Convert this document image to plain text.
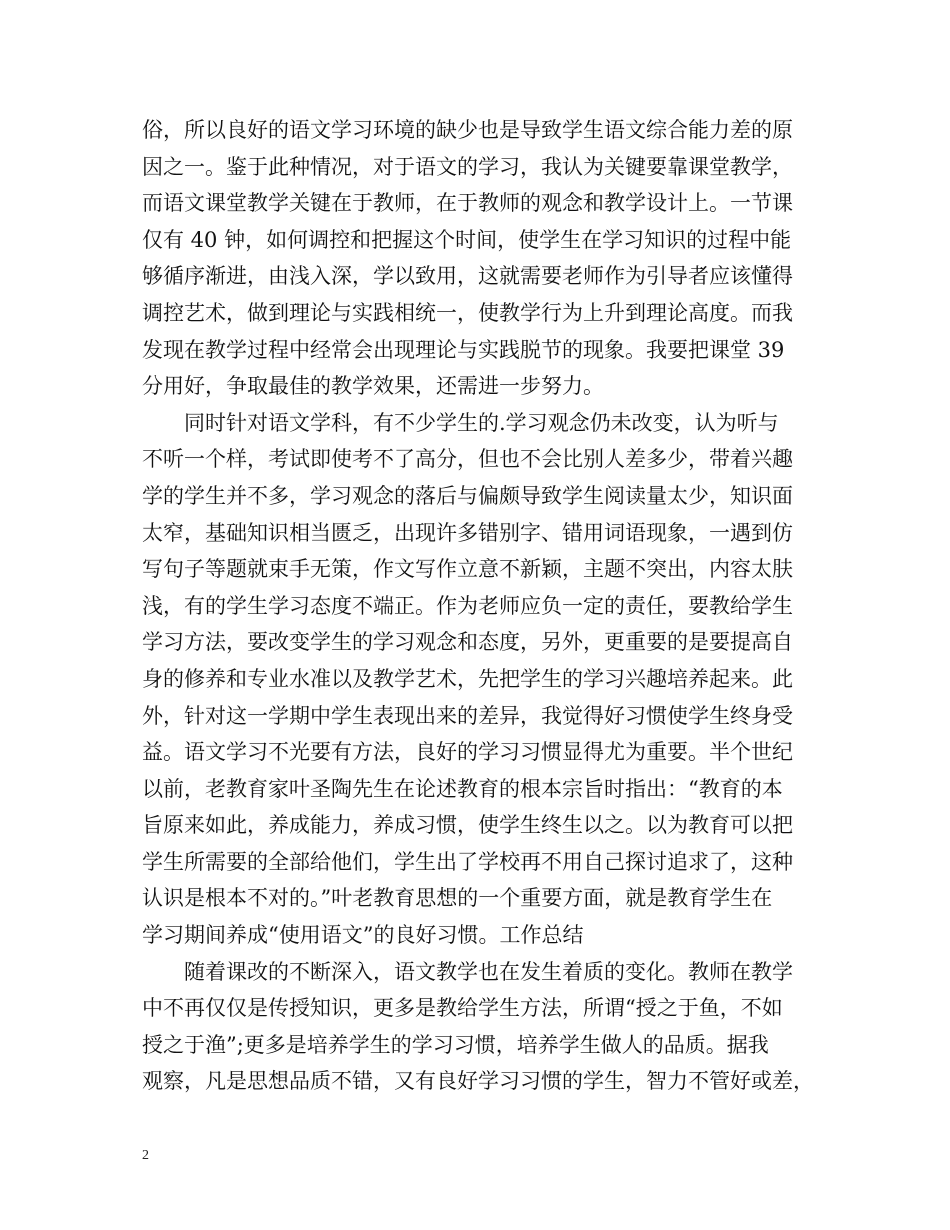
俗，所以良好的语文学习环境的缺少也是导致学生语文综合能力差的原
因之一。鉴于此种情况，对于语文的学习，我认为关键要靠课堂教学，
而语文课堂教学关键在于教师，在于教师的观念和教学设计上。一节课
仅有 40 钟，如何调控和把握这个时间，使学生在学习知识的过程中能
够循序渐进，由浅入深，学以致用，这就需要老师作为引导者应该懂得
调控艺术，做到理论与实践相统一，使教学行为上升到理论高度。而我
发现在教学过程中经常会出现理论与实践脱节的现象。我要把课堂 39
分用好，争取最佳的教学效果，还需进一步努力。
　　同时针对语文学科，有不少学生的.学习观念仍未改变，认为听与
不听一个样，考试即使考不了高分，但也不会比别人差多少，带着兴趣
学的学生并不多，学习观念的落后与偏颇导致学生阅读量太少，知识面
太窄，基础知识相当匮乏，出现许多错别字、错用词语现象，一遇到仿
写句子等题就束手无策，作文写作立意不新颖，主题不突出，内容太肤
浅，有的学生学习态度不端正。作为老师应负一定的责任，要教给学生
学习方法，要改变学生的学习观念和态度，另外，更重要的是要提高自
身的修养和专业水准以及教学艺术，先把学生的学习兴趣培养起来。此
外，针对这一学期中学生表现出来的差异，我觉得好习惯使学生终身受
益。语文学习不光要有方法，良好的学习习惯显得尤为重要。半个世纪
以前，老教育家叶圣陶先生在论述教育的根本宗旨时指出：“教育的本
旨原来如此，养成能力，养成习惯，使学生终生以之。以为教育可以把
学生所需要的全部给他们，学生出了学校再不用自己探讨追求了，这种
认识是根本不对的。”叶老教育思想的一个重要方面，就是教育学生在
学习期间养成“使用语文”的良好习惯。工作总结
　　随着课改的不断深入，语文教学也在发生着质的变化。教师在教学
中不再仅仅是传授知识，更多是教给学生方法，所谓“授之于鱼，不如
授之于渔”;更多是培养学生的学习习惯，培养学生做人的品质。据我
观察，凡是思想品质不错，又有良好学习习惯的学生，智力不管好或差，
2
